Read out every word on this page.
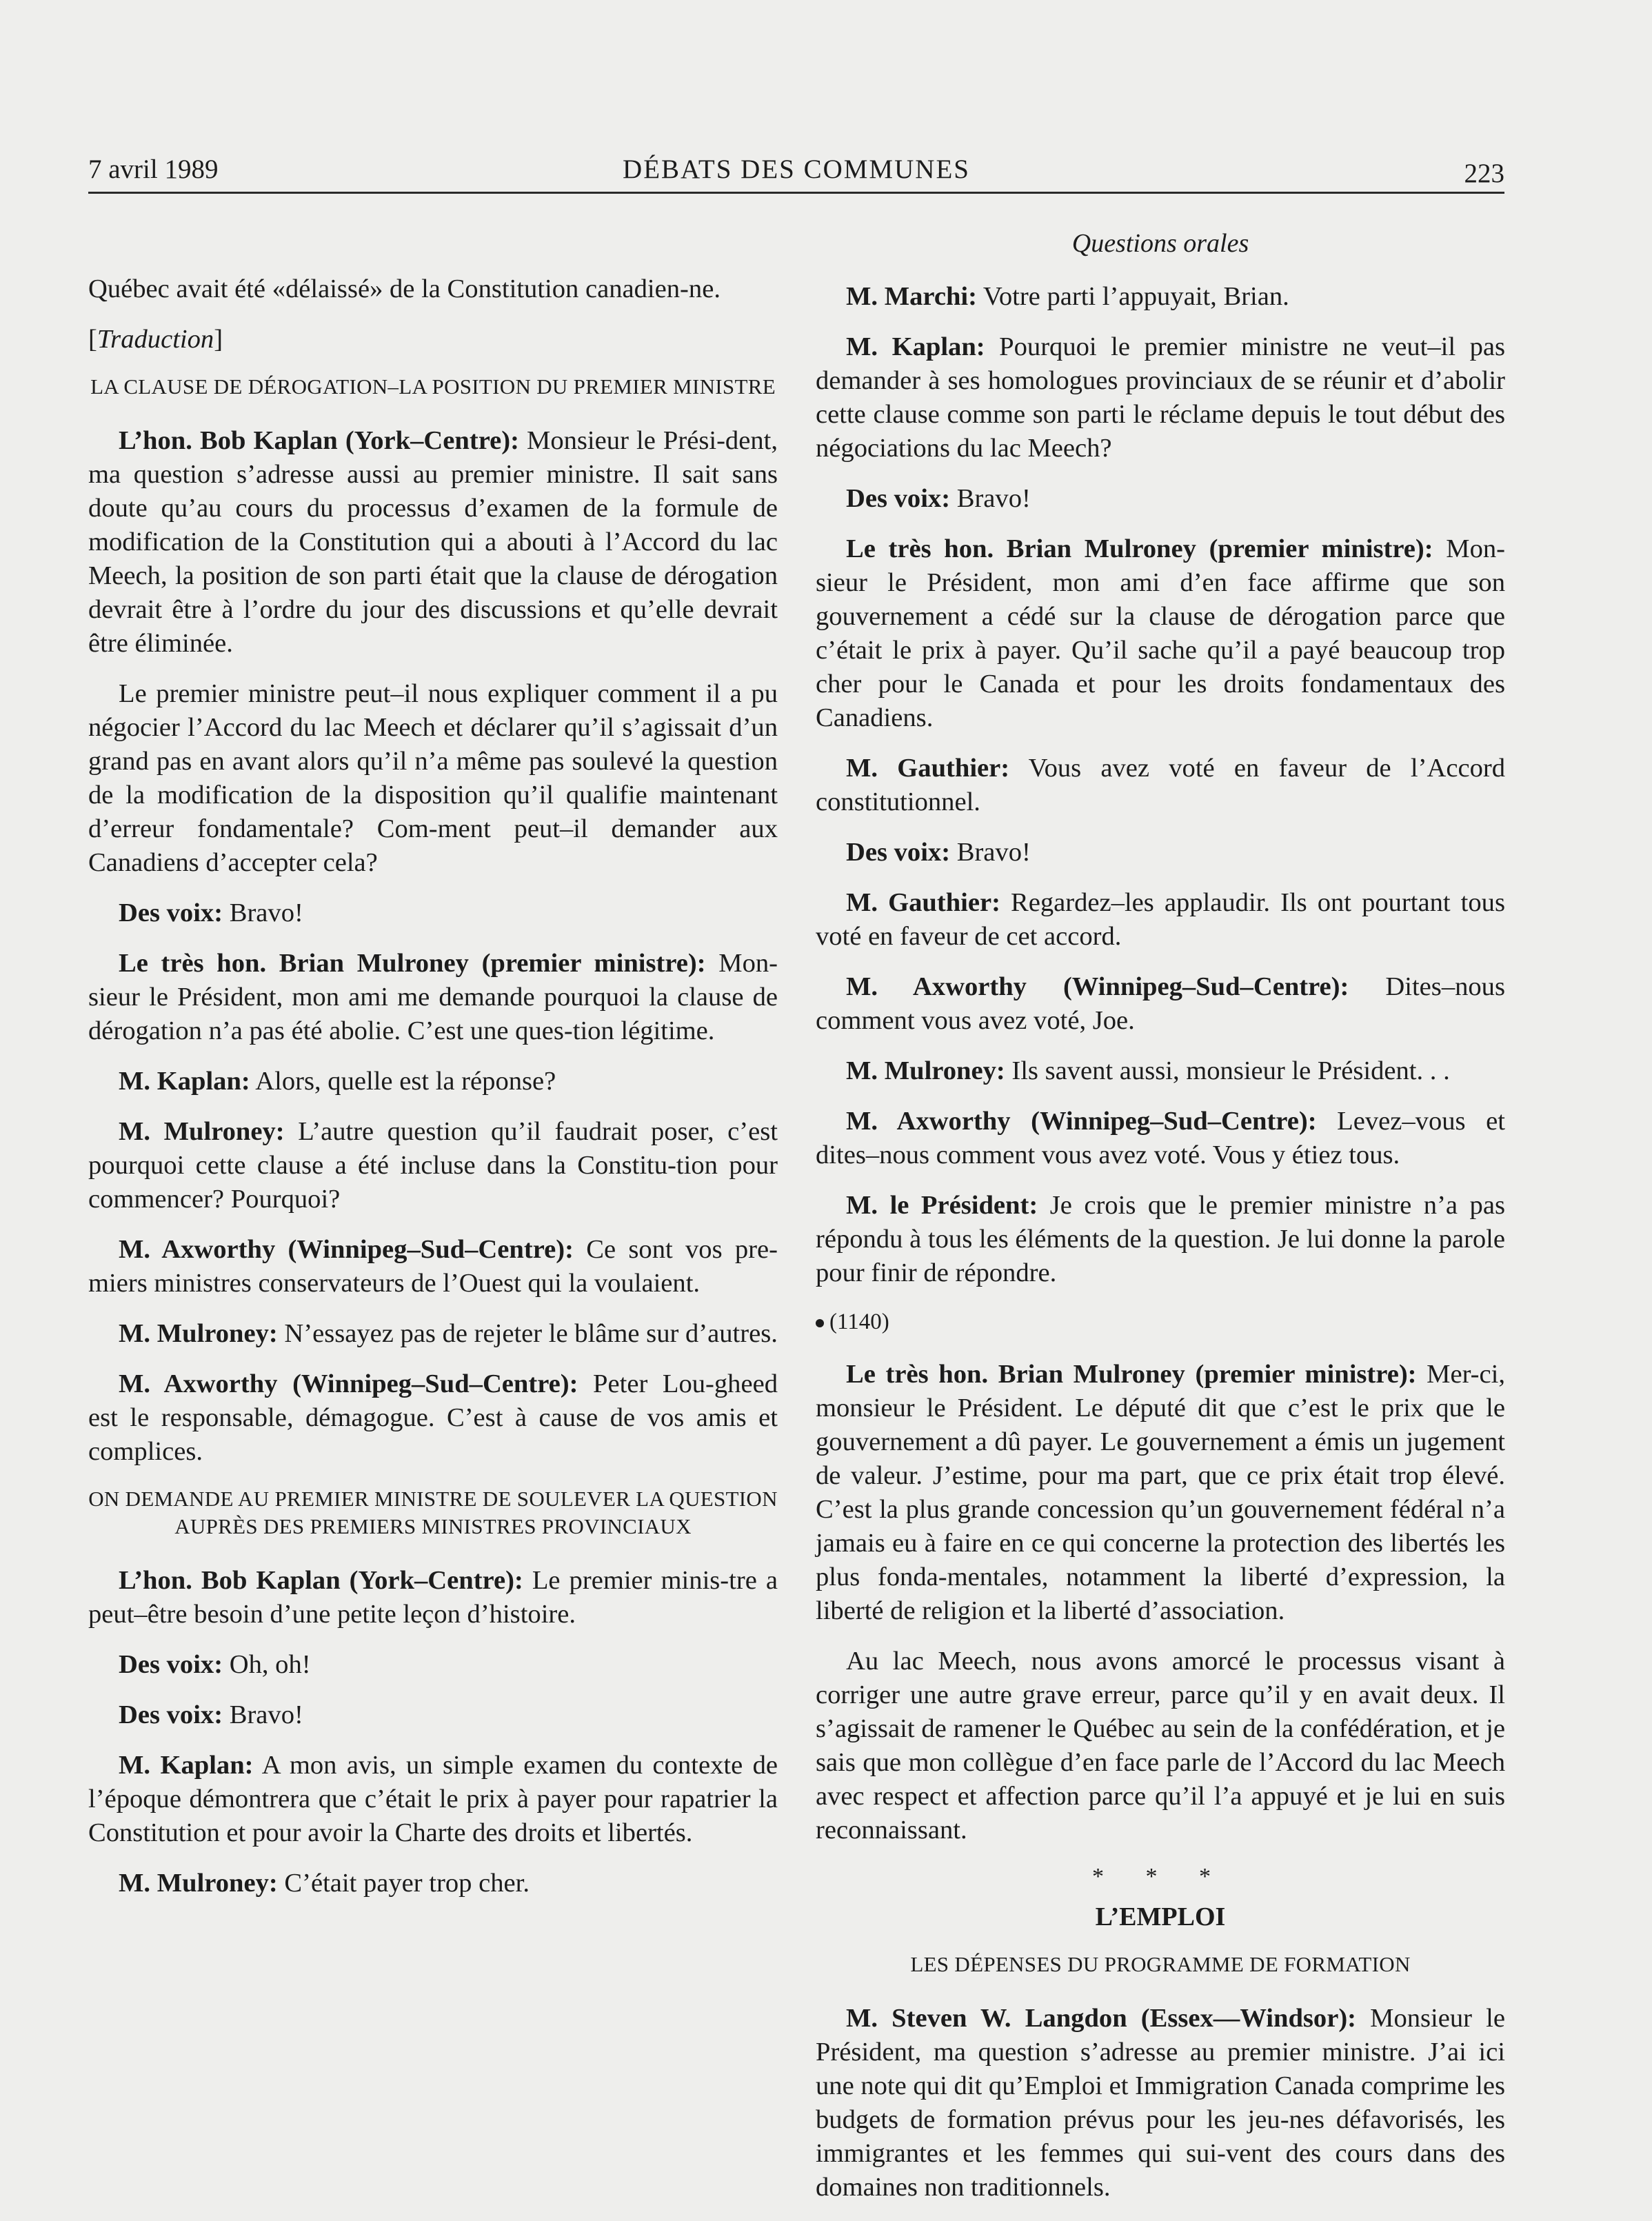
7 avril 1989	DÉBATS DES COMMUNES	223

Québec avait été «délaissé» de la Constitution canadien-ne.

[Traduction]

LA CLAUSE DE DÉROGATION–LA POSITION DU PREMIER MINISTRE

L’hon. Bob Kaplan (York–Centre): Monsieur le Prési-dent, ma question s’adresse aussi au premier ministre. Il sait sans doute qu’au cours du processus d’examen de la formule de modification de la Constitution qui a abouti à l’Accord du lac Meech, la position de son parti était que la clause de dérogation devrait être à l’ordre du jour des discussions et qu’elle devrait être éliminée.

Le premier ministre peut–il nous expliquer comment il a pu négocier l’Accord du lac Meech et déclarer qu’il s’agissait d’un grand pas en avant alors qu’il n’a même pas soulevé la question de la modification de la disposition qu’il qualifie maintenant d’erreur fondamentale? Com-ment peut–il demander aux Canadiens d’accepter cela?

Des voix: Bravo!

Le très hon. Brian Mulroney (premier ministre): Mon-sieur le Président, mon ami me demande pourquoi la clause de dérogation n’a pas été abolie. C’est une ques-tion légitime.

M. Kaplan: Alors, quelle est la réponse?

M. Mulroney: L’autre question qu’il faudrait poser, c’est pourquoi cette clause a été incluse dans la Constitu-tion pour commencer? Pourquoi?

M. Axworthy (Winnipeg–Sud–Centre): Ce sont vos pre-miers ministres conservateurs de l’Ouest qui la voulaient.

M. Mulroney: N’essayez pas de rejeter le blâme sur d’autres.

M. Axworthy (Winnipeg–Sud–Centre): Peter Lou-gheed est le responsable, démagogue. C’est à cause de vos amis et complices.

ON DEMANDE AU PREMIER MINISTRE DE SOULEVER LA QUESTION AUPRÈS DES PREMIERS MINISTRES PROVINCIAUX

L’hon. Bob Kaplan (York–Centre): Le premier minis-tre a peut–être besoin d’une petite leçon d’histoire.

Des voix: Oh, oh!

Des voix: Bravo!

M. Kaplan: A mon avis, un simple examen du contexte de l’époque démontrera que c’était le prix à payer pour rapatrier la Constitution et pour avoir la Charte des droits et libertés.

M. Mulroney: C’était payer trop cher.

Questions orales

M. Marchi: Votre parti l’appuyait, Brian.

M. Kaplan: Pourquoi le premier ministre ne veut–il pas demander à ses homologues provinciaux de se réunir et d’abolir cette clause comme son parti le réclame depuis le tout début des négociations du lac Meech?

Des voix: Bravo!

Le très hon. Brian Mulroney (premier ministre): Mon-sieur le Président, mon ami d’en face affirme que son gouvernement a cédé sur la clause de dérogation parce que c’était le prix à payer. Qu’il sache qu’il a payé beaucoup trop cher pour le Canada et pour les droits fondamentaux des Canadiens.

M. Gauthier: Vous avez voté en faveur de l’Accord constitutionnel.

Des voix: Bravo!

M. Gauthier: Regardez–les applaudir. Ils ont pourtant tous voté en faveur de cet accord.

M. Axworthy (Winnipeg–Sud–Centre): Dites–nous comment vous avez voté, Joe.

M. Mulroney: Ils savent aussi, monsieur le Président. . .

M. Axworthy (Winnipeg–Sud–Centre): Levez–vous et dites–nous comment vous avez voté. Vous y étiez tous.

M. le Président: Je crois que le premier ministre n’a pas répondu à tous les éléments de la question. Je lui donne la parole pour finir de répondre.

(1140)

Le très hon. Brian Mulroney (premier ministre): Mer-ci, monsieur le Président. Le député dit que c’est le prix que le gouvernement a dû payer. Le gouvernement a émis un jugement de valeur. J’estime, pour ma part, que ce prix était trop élevé. C’est la plus grande concession qu’un gouvernement fédéral n’a jamais eu à faire en ce qui concerne la protection des libertés les plus fonda-mentales, notamment la liberté d’expression, la liberté de religion et la liberté d’association.

Au lac Meech, nous avons amorcé le processus visant à corriger une autre grave erreur, parce qu’il y en avait deux. Il s’agissait de ramener le Québec au sein de la confédération, et je sais que mon collègue d’en face parle de l’Accord du lac Meech avec respect et affection parce qu’il l’a appuyé et je lui en suis reconnaissant.

* * *
L’EMPLOI
LES DÉPENSES DU PROGRAMME DE FORMATION

M. Steven W. Langdon (Essex—Windsor): Monsieur le Président, ma question s’adresse au premier ministre. J’ai ici une note qui dit qu’Emploi et Immigration Canada comprime les budgets de formation prévus pour les jeu-nes défavorisés, les immigrantes et les femmes qui sui-vent des cours dans des domaines non traditionnels.
